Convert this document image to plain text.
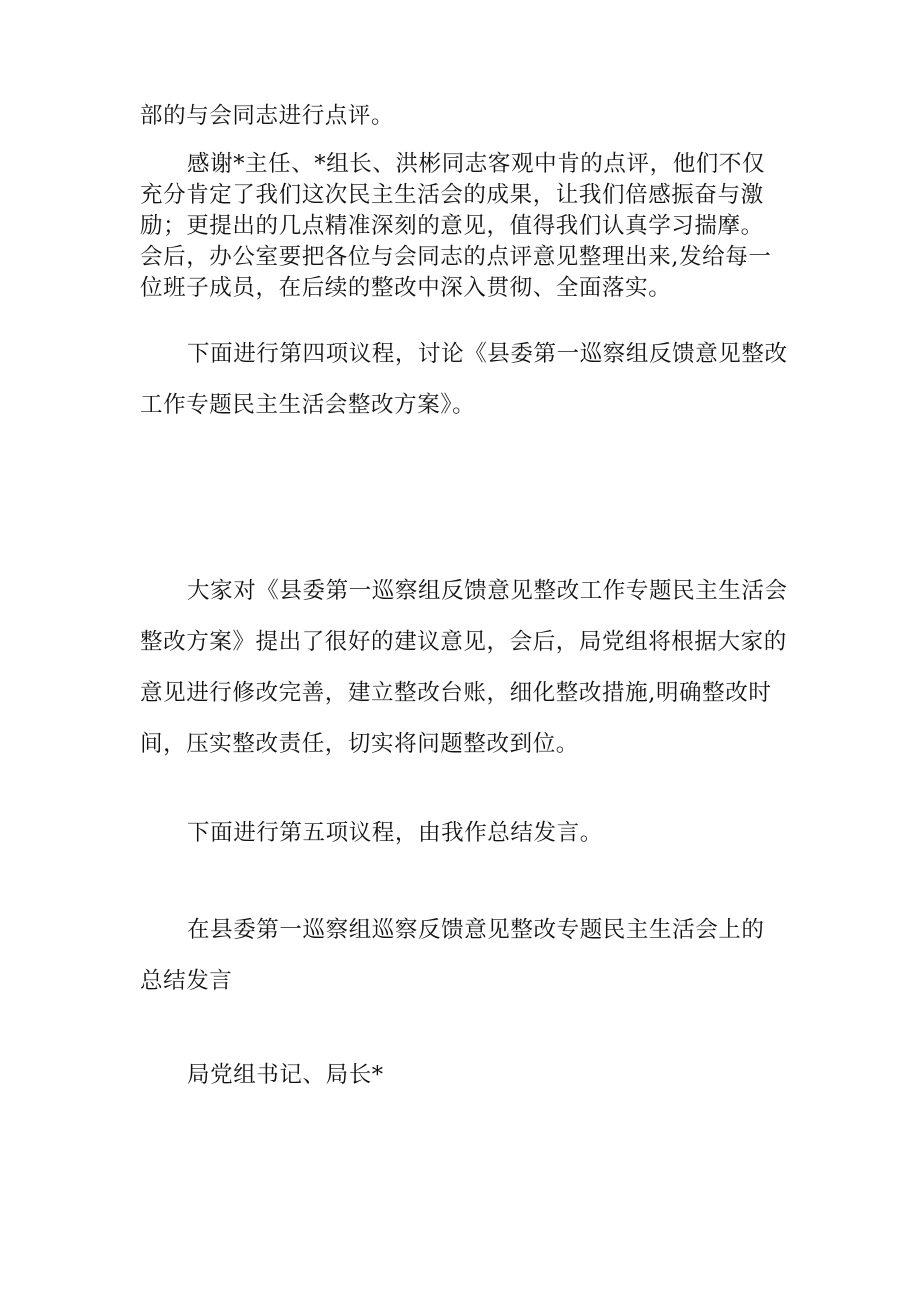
部的与会同志进行点评。

感谢*主任、*组长、洪彬同志客观中肯的点评，他们不仅
充分肯定了我们这次民主生活会的成果，让我们倍感振奋与激
励；更提出的几点精准深刻的意见，值得我们认真学习揣摩。
会后，办公室要把各位与会同志的点评意见整理出来,发给每一
位班子成员，在后续的整改中深入贯彻、全面落实。

下面进行第四项议程，讨论《县委第一巡察组反馈意见整改
工作专题民主生活会整改方案》。

大家对《县委第一巡察组反馈意见整改工作专题民主生活会
整改方案》提出了很好的建议意见，会后，局党组将根据大家的
意见进行修改完善，建立整改台账，细化整改措施,明确整改时
间，压实整改责任，切实将问题整改到位。

下面进行第五项议程，由我作总结发言。

在县委第一巡察组巡察反馈意见整改专题民主生活会上的
总结发言

局党组书记、局长*
